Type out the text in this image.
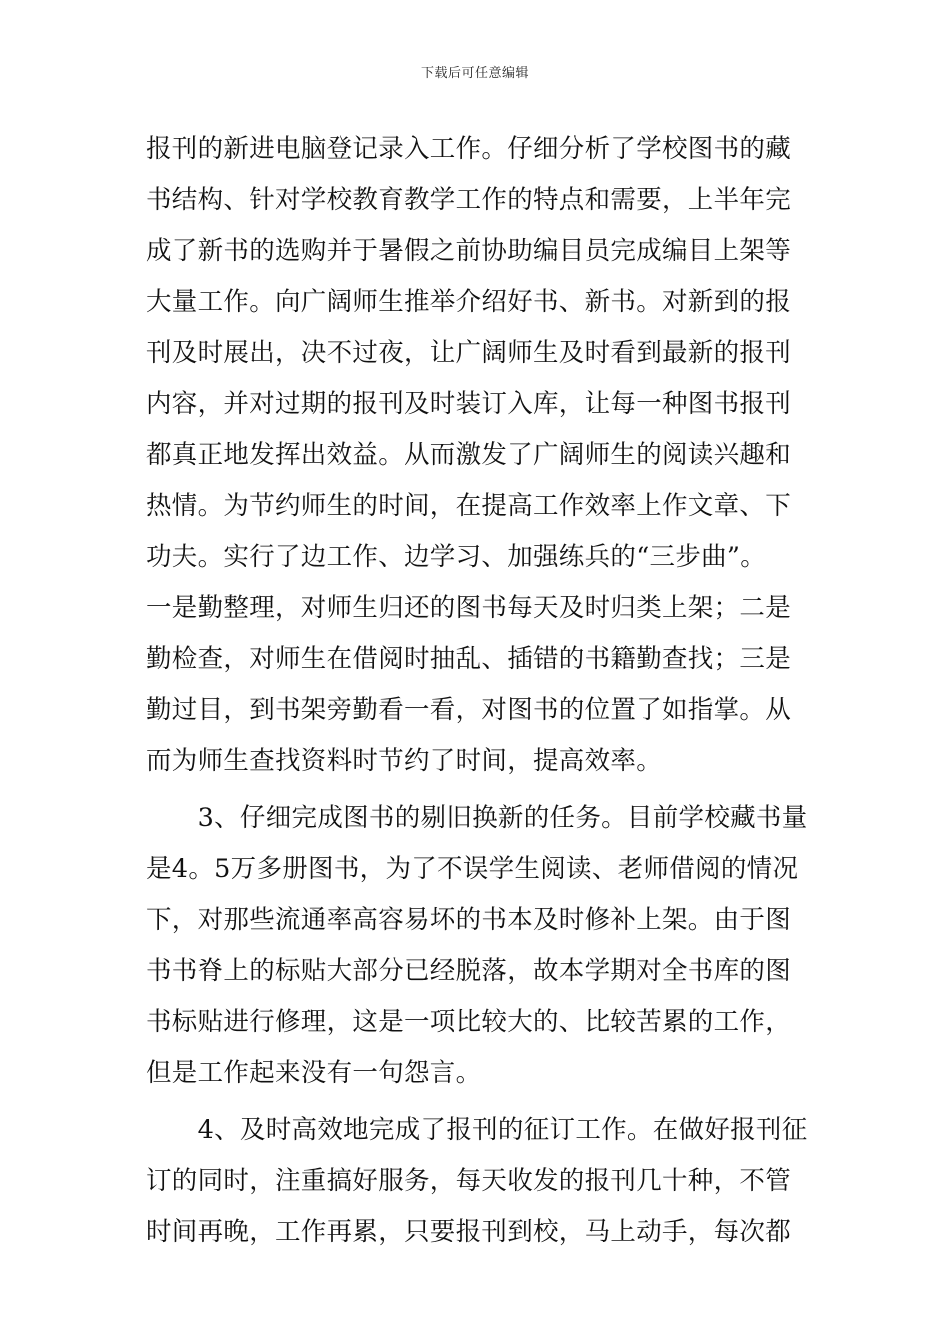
下载后可任意编辑
报刊的新进电脑登记录入工作。仔细分析了学校图书的藏
书结构、针对学校教育教学工作的特点和需要，上半年完
成了新书的选购并于暑假之前协助编目员完成编目上架等
大量工作。向广阔师生推举介绍好书、新书。对新到的报
刊及时展出，决不过夜，让广阔师生及时看到最新的报刊
内容，并对过期的报刊及时装订入库，让每一种图书报刊
都真正地发挥出效益。从而激发了广阔师生的阅读兴趣和
热情。为节约师生的时间，在提高工作效率上作文章、下
功夫。实行了边工作、边学习、加强练兵的“三步曲”。
一是勤整理，对师生归还的图书每天及时归类上架；二是
勤检查，对师生在借阅时抽乱、插错的书籍勤查找；三是
勤过目，到书架旁勤看一看，对图书的位置了如指掌。从
而为师生查找资料时节约了时间，提高效率。
　　3、仔细完成图书的剔旧换新的任务。目前学校藏书量
是4。5万多册图书，为了不误学生阅读、老师借阅的情况
下，对那些流通率高容易坏的书本及时修补上架。由于图
书书脊上的标贴大部分已经脱落，故本学期对全书库的图
书标贴进行修理，这是一项比较大的、比较苦累的工作，
但是工作起来没有一句怨言。
　　4、及时高效地完成了报刊的征订工作。在做好报刊征
订的同时，注重搞好服务，每天收发的报刊几十种，不管
时间再晚，工作再累，只要报刊到校，马上动手，每次都
